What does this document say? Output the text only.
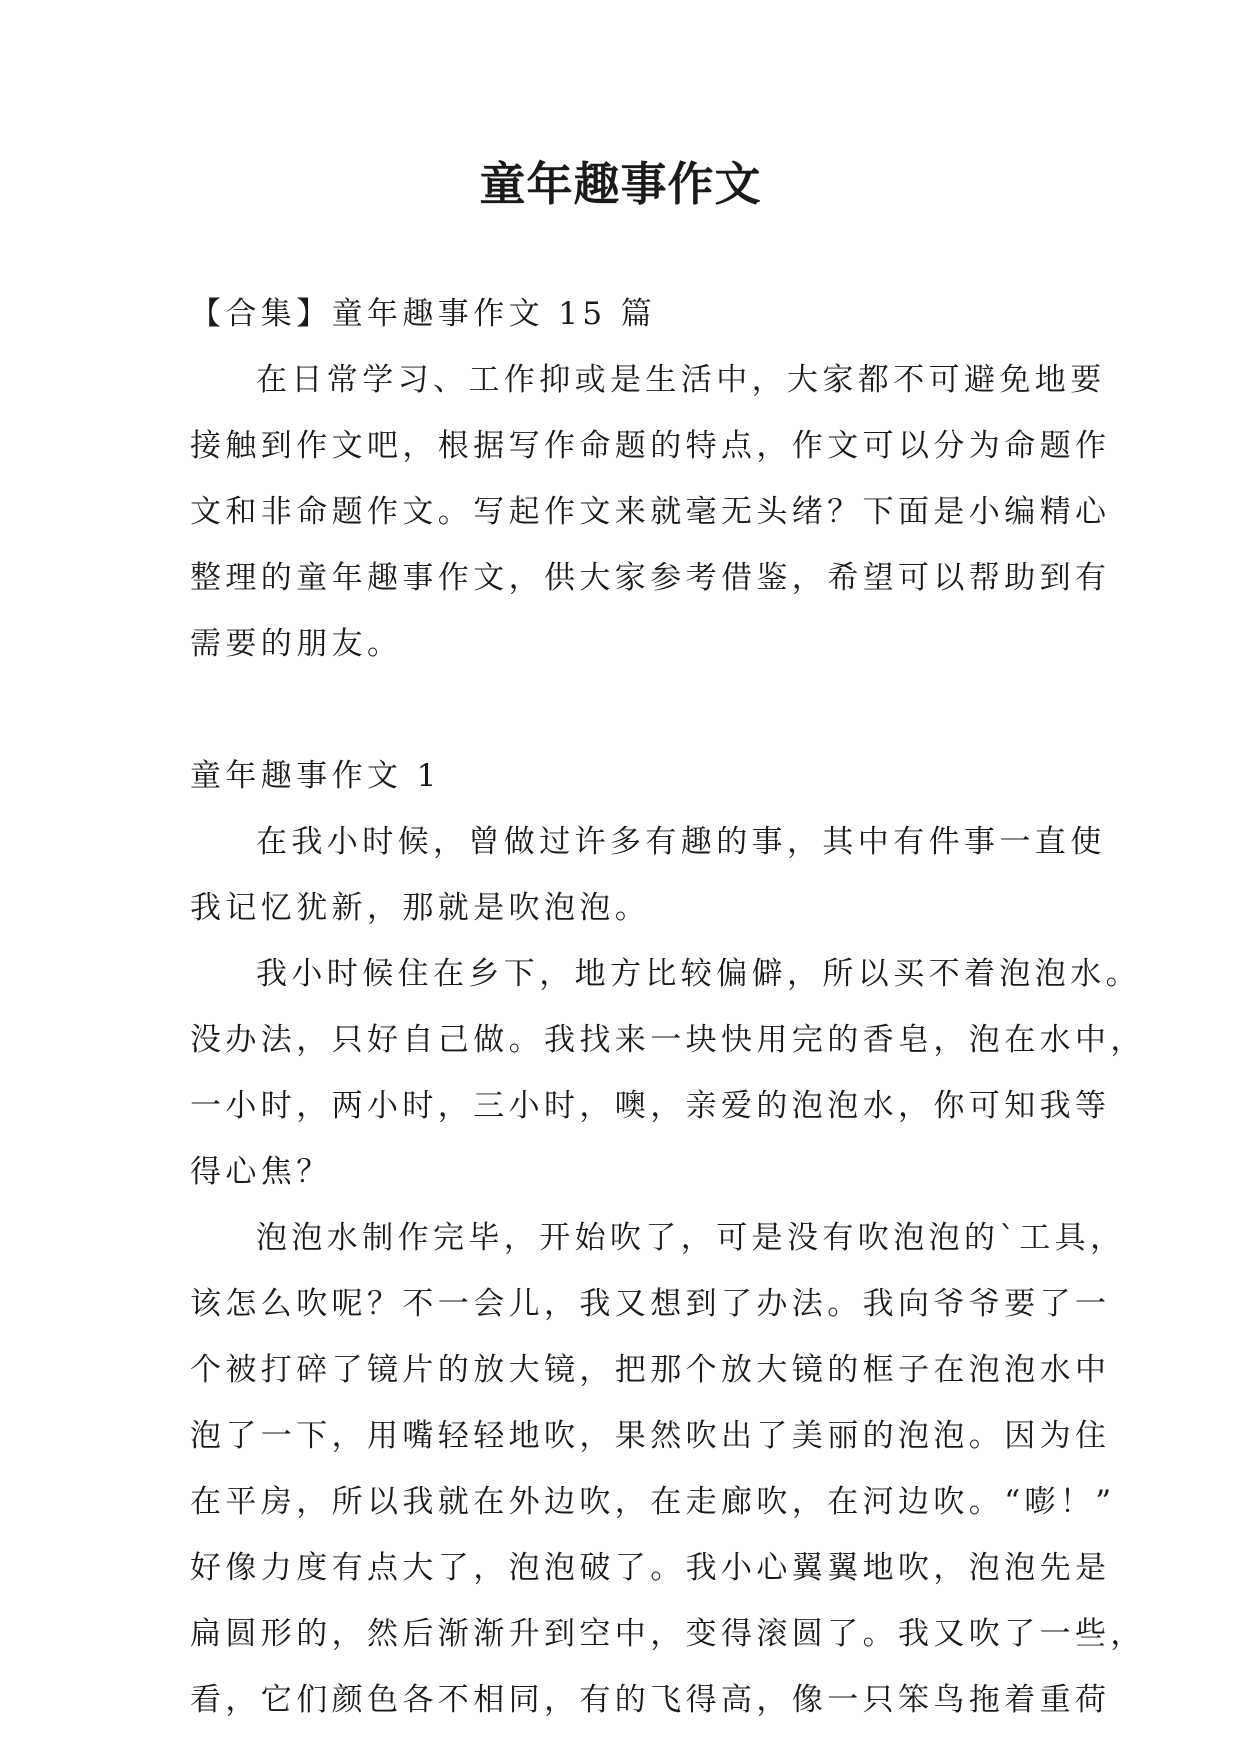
童年趣事作文

【合集】童年趣事作文 15 篇

在日常学习、工作抑或是生活中，大家都不可避免地要

接触到作文吧，根据写作命题的特点，作文可以分为命题作

文和非命题作文。写起作文来就毫无头绪？下面是小编精心

整理的童年趣事作文，供大家参考借鉴，希望可以帮助到有

需要的朋友。

童年趣事作文 1

在我小时候，曾做过许多有趣的事，其中有件事一直使

我记忆犹新，那就是吹泡泡。

我小时候住在乡下，地方比较偏僻，所以买不着泡泡水。

没办法，只好自己做。我找来一块快用完的香皂，泡在水中，

一小时，两小时，三小时，噢，亲爱的泡泡水，你可知我等

得心焦？

泡泡水制作完毕，开始吹了，可是没有吹泡泡的`工具，

该怎么吹呢？不一会儿，我又想到了办法。我向爷爷要了一

个被打碎了镜片的放大镜，把那个放大镜的框子在泡泡水中

泡了一下，用嘴轻轻地吹，果然吹出了美丽的泡泡。因为住

在平房，所以我就在外边吹，在走廊吹，在河边吹。“嘭！”

好像力度有点大了，泡泡破了。我小心翼翼地吹，泡泡先是

扁圆形的，然后渐渐升到空中，变得滚圆了。我又吹了一些，

看，它们颜色各不相同，有的飞得高，像一只笨鸟拖着重荷
